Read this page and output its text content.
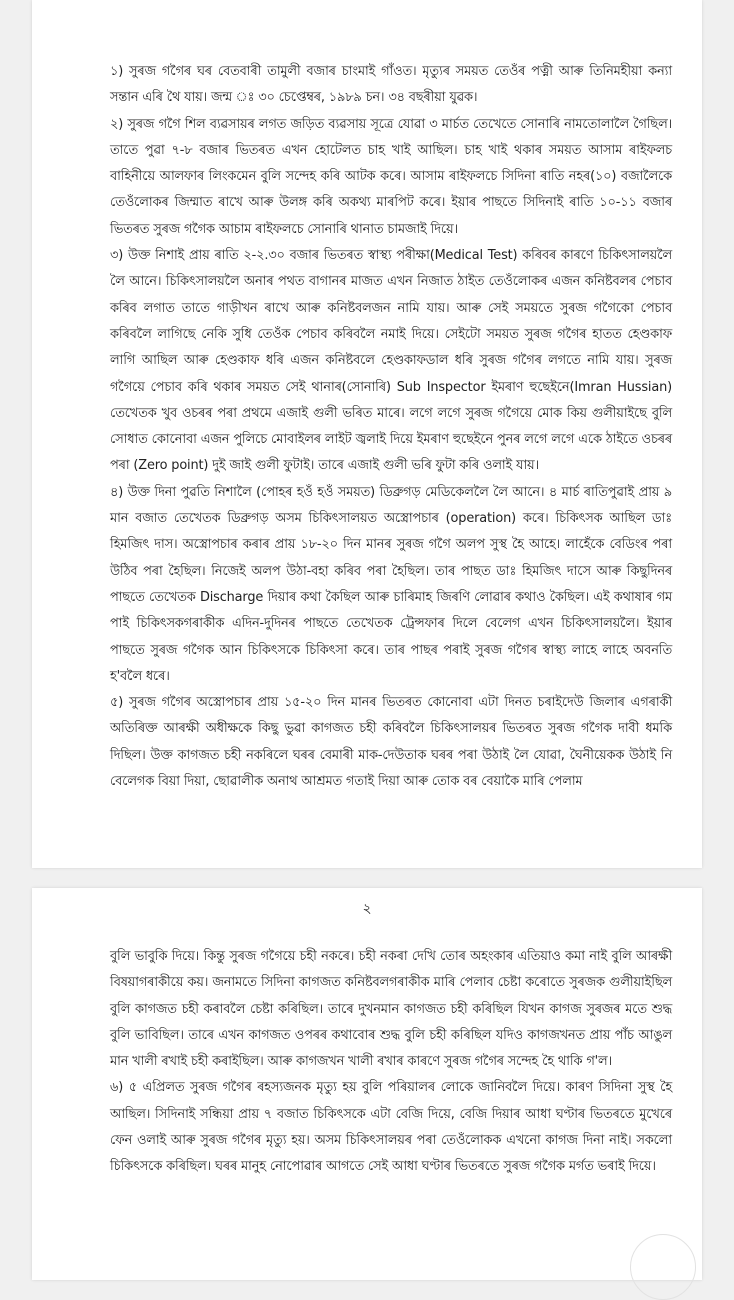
১) সুৰজ গগৈৰ ঘৰ বেতবাৰী তামুলী বজাৰ চাংমাই গাঁওত। মৃত্যুৰ সময়ত তেওঁৰ পত্নী আৰু তিনিমহীয়া কন্যা সন্তান এৰি থৈ যায়। জন্ম ঃ ৩০ চেপ্তেম্বৰ, ১৯৮৯ চন। ৩৪ বছৰীয়া যুৱক।

২) সুৰজ গগৈ শিল ব্যৱসায়ৰ লগত জড়িত ব্যৱসায় সূত্ৰে যোৱা ৩ মাৰ্চত তেখেতে সোনাৰি নামতোলালৈ গৈছিল। তাতে পুৱা ৭-৮ বজাৰ ভিতৰত এখন হোটেলত চাহ খাই আছিল। চাহ খাই থকাৰ সময়ত আসাম ৰাইফলচ বাহিনীয়ে আলফাৰ লিংকমেন বুলি সন্দেহ কৰি আটক কৰে। আসাম ৰাইফলচে সিদিনা ৰাতি নহৰ(১০) বজালৈকে তেওঁলোকৰ জিম্মাত ৰাখে আৰু উলঙ্গ কৰি অকথ্য মাৰপিট কৰে। ইয়াৰ পাছতে সিদিনাই ৰাতি ১০-১১ বজাৰ ভিতৰত সুৰজ গগৈক আচাম ৰাইফলচে সোনাৰি থানাত চামজাই দিয়ে।

৩) উক্ত নিশাই প্ৰায় ৰাতি ২-২.৩০ বজাৰ ভিতৰত স্বাস্থ্য পৰীক্ষা(Medical Test) কৰিবৰ কাৰণে চিকিৎসালয়লৈ লৈ আনে। চিকিৎসালয়লৈ অনাৰ পথত বাগানৰ মাজত এখন নিজাত ঠাইত তেওঁলোকৰ এজন কনিষ্টবলৰ পেচাব কৰিব লগাত তাতে গাড়ীখন ৰাখে আৰু কনিষ্টবলজন নামি যায়। আৰু সেই সময়তে সুৰজ গগৈকো পেচাব কৰিবলৈ লাগিছে নেকি সুধি তেওঁক পেচাব কৰিবলৈ নমাই দিয়ে। সেইটো সময়ত সুৰজ গগৈৰ হাতত হেণ্ডকাফ লাগি আছিল আৰু হেণ্ডকাফ ধৰি এজন কনিষ্টবলে হেণ্ডকাফডাল ধৰি সুৰজ গগৈৰ লগতে নামি যায়। সুৰজ গগৈয়ে পেচাব কৰি থকাৰ সময়ত সেই থানাৰ(সোনাৰি) Sub Inspector ইমৰাণ হুছেইনে(Imran Hussian) তেখেতক খুব ওচৰৰ পৰা প্ৰথমে এজাই গুলী ভৰিত মাৰে। লগে লগে সুৰজ গগৈয়ে মোক কিয় গুলীয়াইছে বুলি সোধাত কোনোবা এজন পুলিচে মোবাইলৰ লাইট জ্বলাই দিয়ে ইমৰাণ হুছেইনে পুনৰ লগে লগে একে ঠাইতে ওচৰৰ পৰা (Zero point) দুই জাই গুলী ফুটাই। তাৰে এজাই গুলী ভৰি ফুটা কৰি ওলাই যায়।

৪) উক্ত দিনা পুৱতি নিশালৈ (পোহৰ হওঁ হওঁ সময়ত) ডিব্ৰুগড় মেডিকেললৈ লৈ আনে। ৪ মাৰ্চ ৰাতিপুৱাই প্ৰায় ৯ মান বজাত তেখেতক ডিব্ৰুগড় অসম চিকিৎসালয়ত অস্ত্ৰোপচাৰ (operation) কৰে। চিকিৎসক আছিল ডাঃ হিমজিৎ দাস। অস্ত্ৰোপচাৰ কৰাৰ প্ৰায় ১৮-২০ দিন মানৰ সুৰজ গগৈ অলপ সুস্থ হৈ আহে। লাহেঁকে বেডিংৰ পৰা উঠিব পৰা হৈছিল। নিজেই অলপ উঠা-বহা কৰিব পৰা হৈছিল। তাৰ পাছত ডাঃ হিমজিৎ দাসে আৰু কিছুদিনৰ পাছতে তেখেতক Discharge দিয়াৰ কথা কৈছিল আৰু চাৰিমাহ জিৰণি লোৱাৰ কথাও কৈছিল। এই কথাষাৰ গম পাই চিকিৎসকগৰাকীক এদিন-দুদিনৰ পাছতে তেখেতক ট্ৰেন্সফাৰ দিলে বেলেগ এখন চিকিৎসালয়লৈ। ইয়াৰ পাছতে সুৰজ গগৈক আন চিকিৎসকে চিকিৎসা কৰে। তাৰ পাছৰ পৰাই সুৰজ গগৈৰ স্বাস্থ্য লাহে লাহে অবনতি হ'বলৈ ধৰে।

৫) সুৰজ গগৈৰ অস্ত্ৰোপচাৰ প্ৰায় ১৫-২০ দিন মানৰ ভিতৰত কোনোবা এটা দিনত চৰাইদেউ জিলাৰ এগৰাকী অতিৰিক্ত আৰক্ষী অধীক্ষকে কিছু ভুৱা কাগজত চহী কৰিবলৈ চিকিৎসালয়ৰ ভিতৰত সুৰজ গগৈক দাবী ধমকি দিছিল। উক্ত কাগজত চহী নকৰিলে ঘৰৰ বেমাৰী মাক-দেউতাক ঘৰৰ পৰা উঠাই লৈ যোৱা, ঘৈনীয়েকক উঠাই নি বেলেগক বিয়া দিয়া, ছোৱালীক অনাথ আশ্ৰমত গতাই দিয়া আৰু তোক বৰ বেয়াকৈ মাৰি পেলাম

২

বুলি ভাবুকি দিয়ে। কিন্তু সুৰজ গগৈয়ে চহী নকৰে। চহী নকৰা দেখি তোৰ অহংকাৰ এতিয়াও কমা নাই বুলি আৰক্ষী বিষয়াগৰাকীয়ে কয়। জনামতে সিদিনা কাগজত কনিষ্টবলগৰাকীক মাৰি পেলাব চেষ্টা কৰোতে সুৰজক গুলীয়াইছিল বুলি কাগজত চহী কৰাবলৈ চেষ্টা কৰিছিল। তাৰে দুখনমান কাগজত চহী কৰিছিল যিখন কাগজ সুৰজৰ মতে শুদ্ধ বুলি ভাবিছিল। তাৰে এখন কাগজত ওপৰৰ কথাবোৰ শুদ্ধ বুলি চহী কৰিছিল যদিও কাগজখনত প্ৰায় পাঁচ আঙুল মান খালী ৰখাই চহী কৰাইছিল। আৰু কাগজখন খালী ৰখাৰ কাৰণে সুৰজ গগৈৰ সন্দেহ হৈ থাকি গ'ল।

৬) ৫ এপ্ৰিলত সুৰজ গগৈৰ ৰহস্যজনক মৃত্যু হয় বুলি পৰিয়ালৰ লোকে জানিবলৈ দিয়ে। কাৰণ সিদিনা সুস্থ হৈ আছিল। সিদিনাই সন্ধিয়া প্ৰায় ৭ বজাত চিকিৎসকে এটা বেজি দিয়ে, বেজি দিয়াৰ আধা ঘণ্টাৰ ভিতৰতে মুখেৰে ফেন ওলাই আৰু সুৰজ গগৈৰ মৃত্যু হয়। অসম চিকিৎসালয়ৰ পৰা তেওঁলোকক এখনো কাগজ দিনা নাই। সকলো চিকিৎসকে কৰিছিল। ঘৰৰ মানুহ নোপোৱাৰ আগতে সেই আধা ঘণ্টাৰ ভিতৰতে সুৰজ গগৈক মৰ্গত ভৰাই দিয়ে।
